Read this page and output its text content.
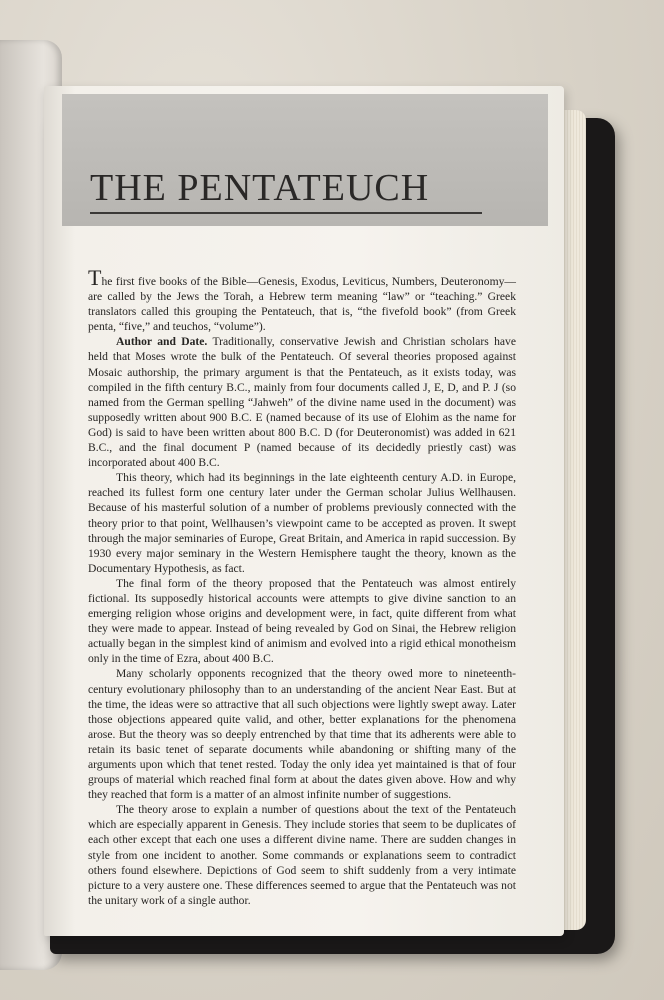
THE PENTATEUCH

The first five books of the Bible—Genesis, Exodus, Leviticus, Numbers, Deuteronomy—are called by the Jews the Torah, a Hebrew term meaning “law” or “teaching.” Greek translators called this grouping the Pentateuch, that is, “the fivefold book” (from Greek penta, “five,” and teuchos, “volume”).

Author and Date. Traditionally, conservative Jewish and Christian scholars have held that Moses wrote the bulk of the Pentateuch. Of several theories proposed against Mosaic authorship, the primary argument is that the Pentateuch, as it exists today, was compiled in the fifth century B.C., mainly from four documents called J, E, D, and P. J (so named from the German spelling “Jahweh” of the divine name used in the document) was supposedly written about 900 B.C. E (named because of its use of Elohim as the name for God) is said to have been written about 800 B.C. D (for Deuteronomist) was added in 621 B.C., and the final document P (named because of its decidedly priestly cast) was incorporated about 400 B.C.

This theory, which had its beginnings in the late eighteenth century A.D. in Europe, reached its fullest form one century later under the German scholar Julius Wellhausen. Because of his masterful solution of a number of problems previously connected with the theory prior to that point, Wellhausen’s viewpoint came to be accepted as proven. It swept through the major seminaries of Europe, Great Britain, and America in rapid succession. By 1930 every major seminary in the Western Hemisphere taught the theory, known as the Documentary Hypothesis, as fact.

The final form of the theory proposed that the Pentateuch was almost entirely fictional. Its supposedly historical accounts were attempts to give divine sanction to an emerging religion whose origins and development were, in fact, quite different from what they were made to appear. Instead of being revealed by God on Sinai, the Hebrew religion actually began in the simplest kind of animism and evolved into a rigid ethical monotheism only in the time of Ezra, about 400 B.C.

Many scholarly opponents recognized that the theory owed more to nineteenth-century evolutionary philosophy than to an understanding of the ancient Near East. But at the time, the ideas were so attractive that all such objections were lightly swept away. Later those objections appeared quite valid, and other, better explanations for the phenomena arose. But the theory was so deeply entrenched by that time that its adherents were able to retain its basic tenet of separate documents while abandoning or shifting many of the arguments upon which that tenet rested. Today the only idea yet maintained is that of four groups of material which reached final form at about the dates given above. How and why they reached that form is a matter of an almost infinite number of suggestions.

The theory arose to explain a number of questions about the text of the Pentateuch which are especially apparent in Genesis. They include stories that seem to be duplicates of each other except that each one uses a different divine name. There are sudden changes in style from one incident to another. Some commands or explanations seem to contradict others found elsewhere. Depictions of God seem to shift suddenly from a very intimate picture to a very austere one. These differences seemed to argue that the Pentateuch was not the unitary work of a single author.
